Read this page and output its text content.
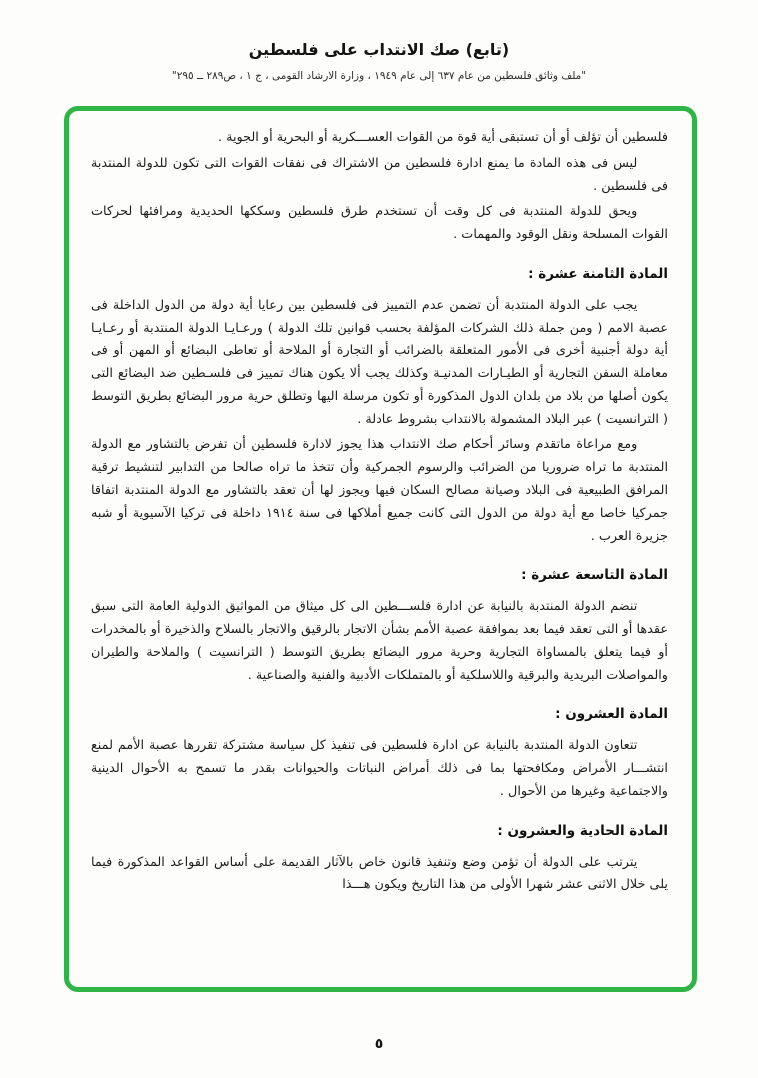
(تابع) صك الانتداب على فلسطين
"ملف وثائق فلسطين من عام ٦٣٧ إلى عام ١٩٤٩ ، وزارة الارشاد القومى ، ج ١ ، ص٢٨٩ ــ ٢٩٥"

فلسطين أن تؤلف أو أن تستبقى أية قوة من القوات العســـكرية أو البحرية أو الجوية .

ليس فى هذه المادة ما يمنع ادارة فلسطين من الاشتراك فى نفقات القوات التى تكون للدولة المنتدبة فى فلسطين .

ويحق للدولة المنتدبة فى كل وقت أن تستخدم طرق فلسطين وسككها الحديدية ومرافئها لحركات القوات المسلحة ونقل الوقود والمهمات .

المادة الثامنة عشرة :

يجب على الدولة المنتدبة أن تضمن عدم التمييز فى فلسطين بين رعايا أية دولة من الدول الداخلة فى عصبة الامم ( ومن جملة ذلك الشركات المؤلفة بحسب قوانين تلك الدولة ) ورعـايـا الدولة المنتدبة أو رعـايـا أية دولة أجنبية أخرى فى الأمور المتعلقة بالضرائب أو التجارة أو الملاحة أو تعاطى البضائع أو المهن أو فى معاملة السفن التجارية أو الطيـارات المدنيـة وكذلك يجب ألا يكون هناك تمييز فى فلسـطين ضد البضائع التى يكون أصلها من بلاد من بلدان الدول المذكورة أو تكون مرسلة اليها وتطلق حرية مرور البضائع بطريق التوسط ( الترانسيت ) عبر البلاد المشمولة بالانتداب بشروط عادلة .

ومع مراعاة ماتقدم وسائر أحكام صك الانتداب هذا يجوز لادارة فلسطين أن تفرض بالتشاور مع الدولة المنتدبة ما تراه ضروريا من الضرائب والرسوم الجمركية وأن تتخذ ما تراه صالحا من التدابير لتنشيط ترقية المرافق الطبيعية فى البلاد وصيانة مصالح السكان فيها ويجوز لها أن تعقد بالتشاور مع الدولة المنتدبة اتفاقا جمركيا خاصا مع أية دولة من الدول التى كانت جميع أملاكها فى سنة ١٩١٤ داخلة فى تركيا الآسيوية أو شبه جزيرة العرب .

المادة التاسعة عشرة :

تنضم الدولة المنتدبة بالنيابة عن ادارة فلســـطين الى كل ميثاق من المواثيق الدولية العامة التى سبق عقدها أو التى تعقد فيما بعد بموافقة عصبة الأمم بشأن الاتجار بالرقيق والاتجار بالسلاح والذخيرة أو بالمخدرات أو فيما يتعلق بالمساواة التجارية وحرية مرور البضائع بطريق التوسط ( الترانسيت ) والملاحة والطيران والمواصلات البريدية والبرقية واللاسلكية أو بالمتملكات الأدبية والفنية والصناعية .

المادة العشرون :

تتعاون الدولة المنتدبة بالنيابة عن ادارة فلسطين فى تنفيذ كل سياسة مشتركة تقررها عصبة الأمم لمنع انتشـــار الأمراض ومكافحتها بما فى ذلك أمراض النباتات والحيوانات بقدر ما تسمح به الأحوال الدينية والاجتماعية وغيرها من الأحوال .

المادة الحادية والعشرون :

يترتب على الدولة أن تؤمن وضع وتنفيذ قانون خاص بالآثار القديمة على أساس القواعد المذكورة فيما يلى خلال الاثنى عشر شهرا الأولى من هذا التاريخ ويكون هـــذا

٥
